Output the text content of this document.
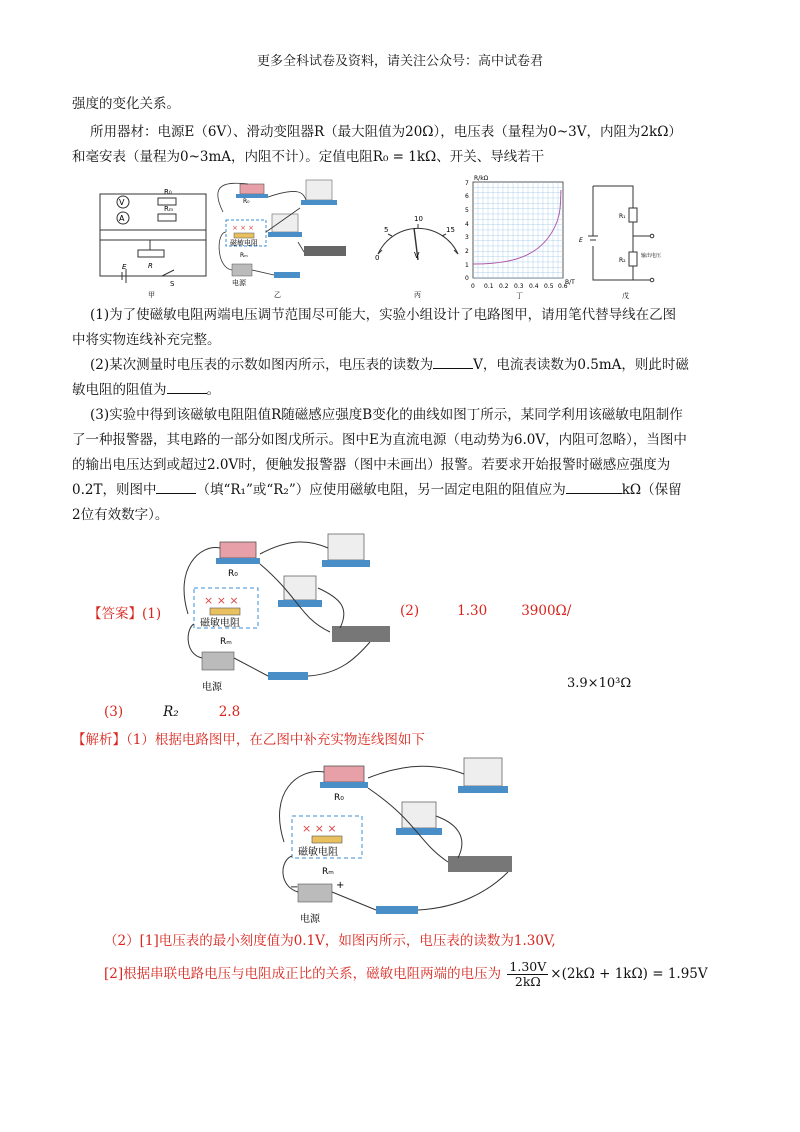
更多全科试卷及资料，请关注公众号：高中试卷君
强度的变化关系。
所用器材：电源E（6V）、滑动变阻器R（最大阻值为20Ω），电压表（量程为0~3V，内阻为2kΩ）
和毫安表（量程为0~3mA，内阻不计）。定值电阻R₀ = 1kΩ、开关、导线若干
V
A
R₀
Rₘ
R
E
S
甲
× × ×
R₀
磁敏电阻
Rₘ
电源
乙
0
5
10
15
V
丙
R/kΩ
B/T
0
1
2
3
4
5
6
7
0 0.1 0.2 0.3 0.4 0.5 0.6
丁
R₁
R₂
E
输出电压
戊
(1)为了使磁敏电阻两端电压调节范围尽可能大，实验小组设计了电路图甲，请用笔代替导线在乙图
中将实物连线补充完整。
(2)某次测量时电压表的示数如图丙所示，电压表的读数为	V，电流表读数为0.5mA，则此时磁
敏电阻的阻值为	。
(3)实验中得到该磁敏电阻阻值R随磁感应强度B变化的曲线如图丁所示，某同学利用该磁敏电阻制作
了一种报警器，其电路的一部分如图戊所示。图中E为直流电源（电动势为6.0V，内阻可忽略），当图中
的输出电压达到或超过2.0V时，便触发报警器（图中未画出）报警。若要求开始报警时磁感应强度为
0.2T，则图中	（填“R₁”或“R₂”）应使用磁敏电阻，另一固定电阻的阻值应为	kΩ（保留
2位有效数字）。
【答案】(1)
× × ×
R₀
磁敏电阻
Rₘ
电源
(2)	1.30	3900Ω/
3.9×10³Ω
(3)	R₂	2.8
【解析】（1）根据电路图甲，在乙图中补充实物连线图如下
× × ×
−	+
R₀
磁敏电阻
Rₘ
电源
（2）[1]电压表的最小刻度值为0.1V，如图丙所示，电压表的读数为1.30V,
[2]根据串联电路电压与电阻成正比的关系，磁敏电阻两端的电压为 $\frac{1.30V}{2k\Omega} \times(2k\Omega + 1k\Omega) = 1.95V$
